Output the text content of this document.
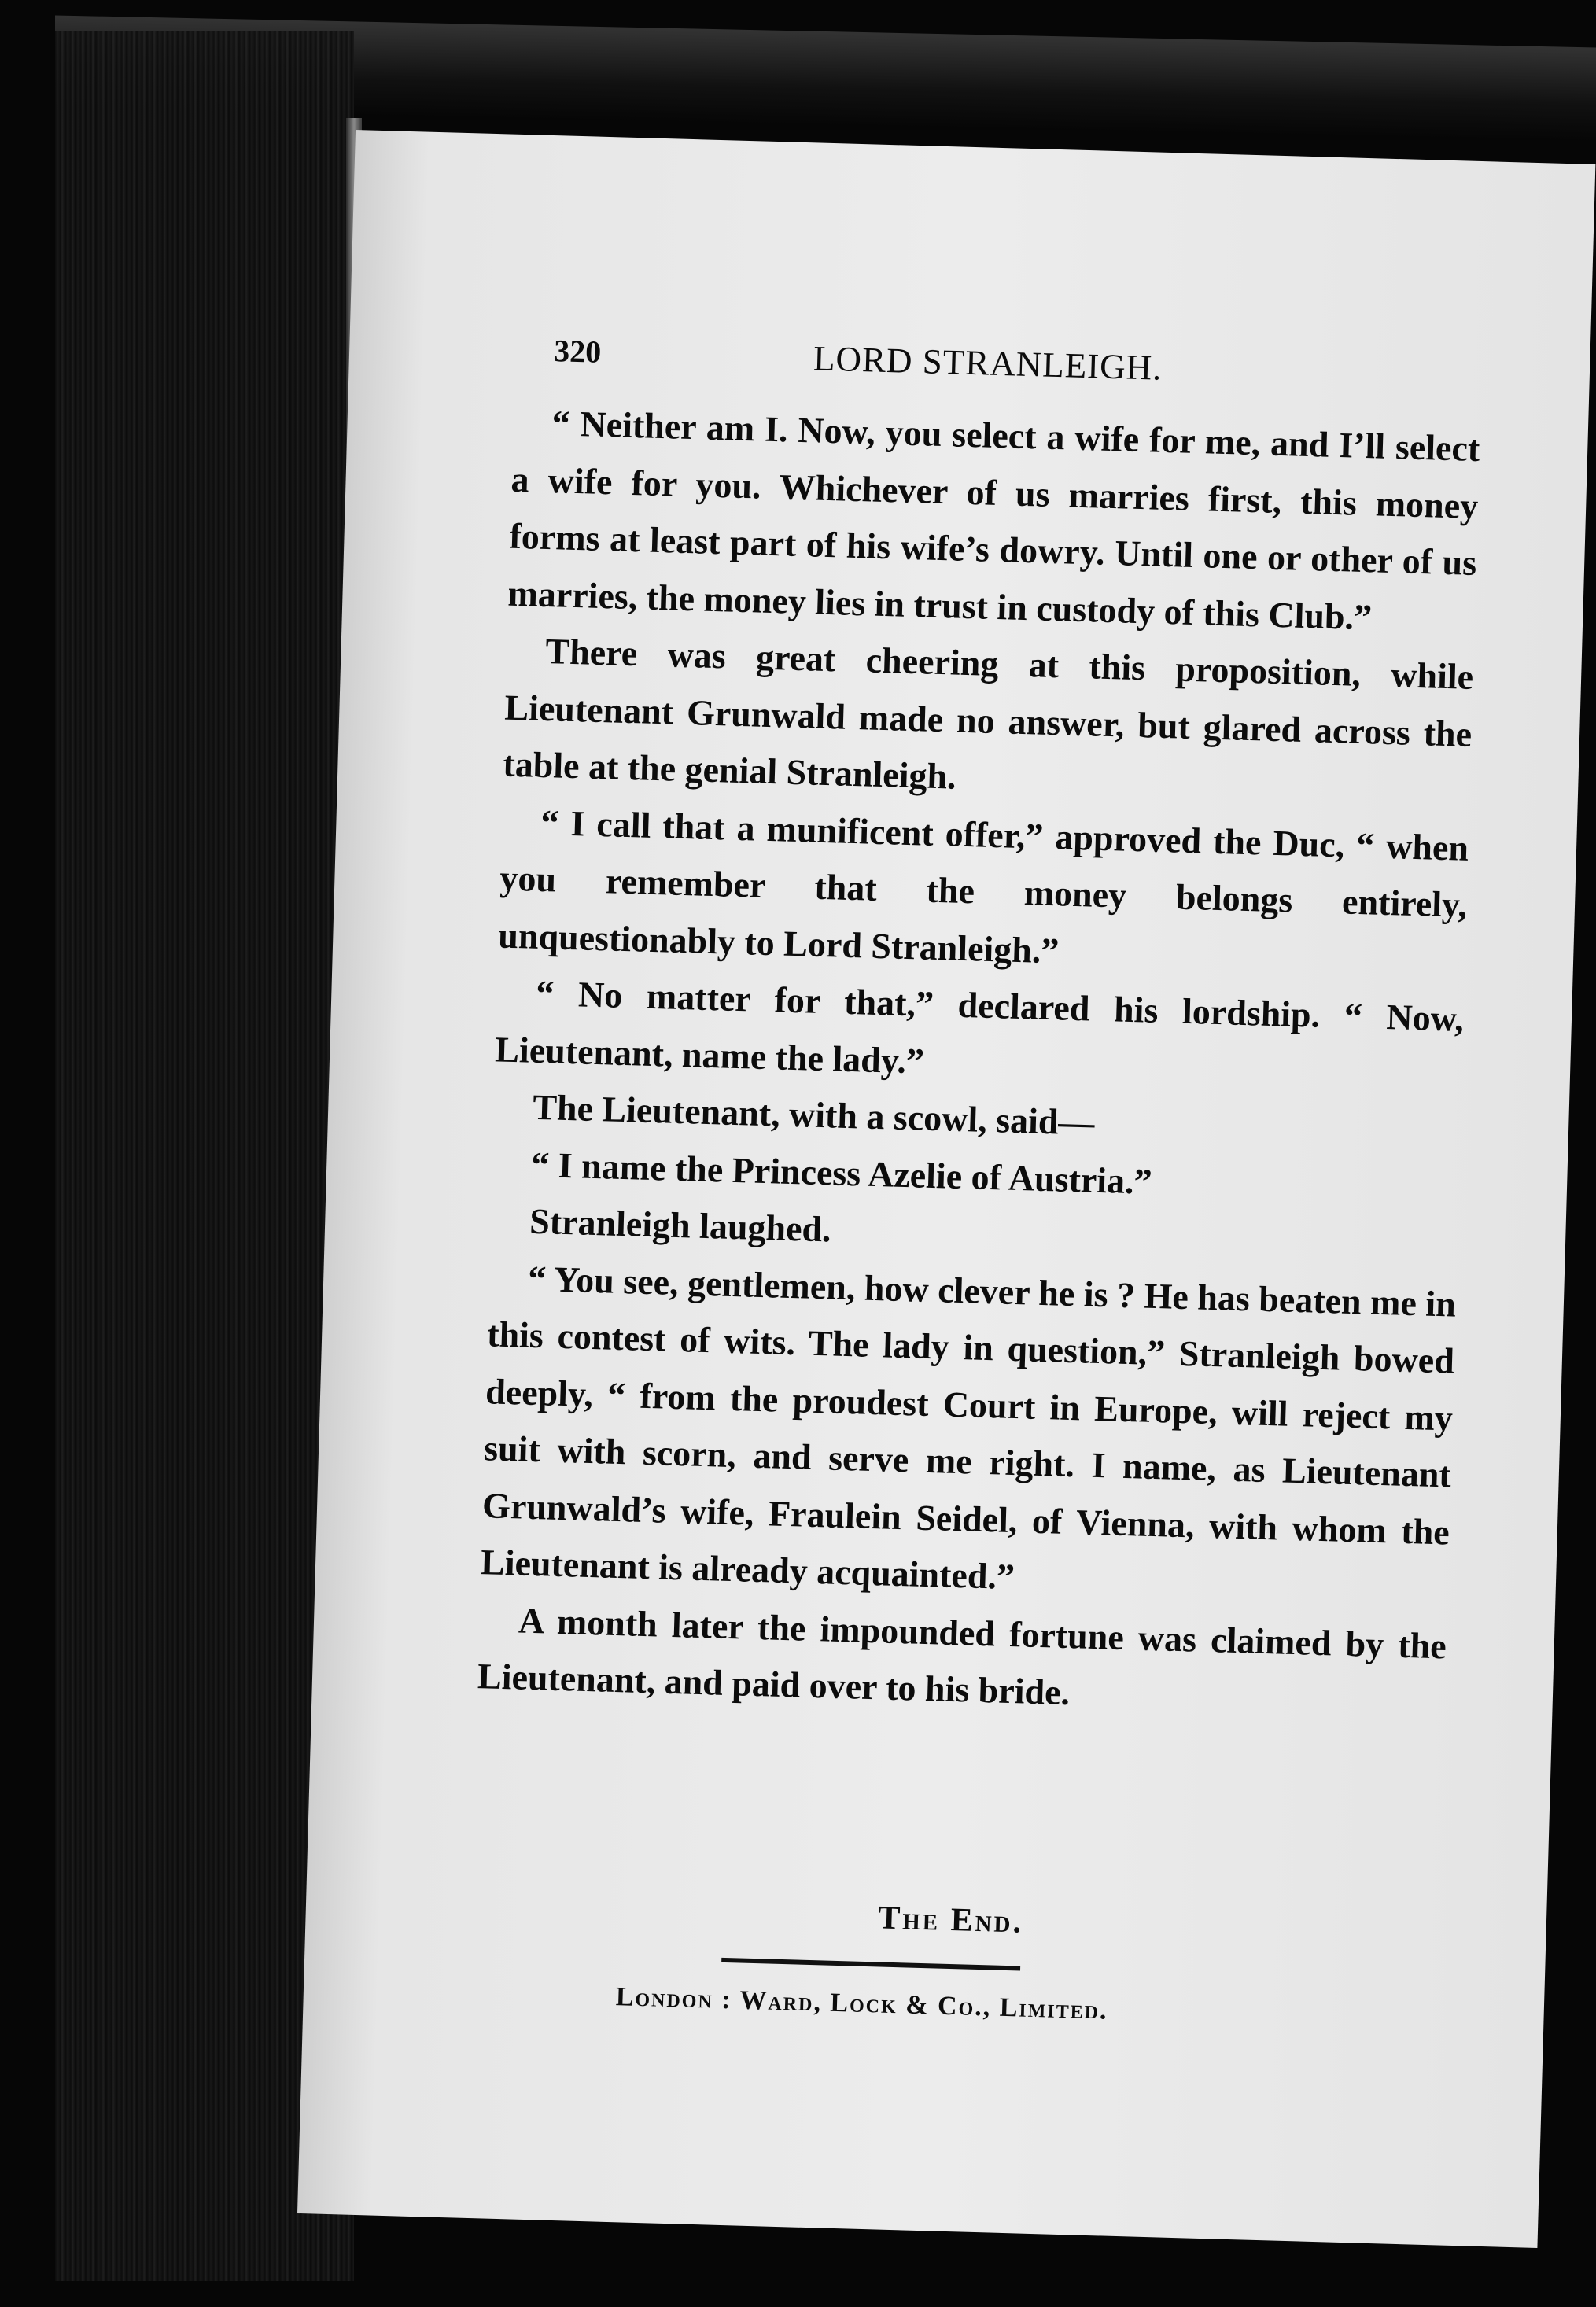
320	LORD STRANLEIGH.

“ Neither am I. Now, you select a wife for me, and I’ll select a wife for you. Whichever of us marries first, this money forms at least part of his wife’s dowry. Until one or other of us marries, the money lies in trust in custody of this Club.”

There was great cheering at this proposition, while Lieutenant Grunwald made no answer, but glared across the table at the genial Stranleigh.

“ I call that a munificent offer,” approved the Duc, “ when you remember that the money belongs entirely, unquestionably to Lord Stranleigh.”

“ No matter for that,” declared his lordship. “ Now, Lieutenant, name the lady.”

The Lieutenant, with a scowl, said—

“ I name the Princess Azelie of Austria.”

Stranleigh laughed.

“ You see, gentlemen, how clever he is ? He has beaten me in this contest of wits. The lady in question,” Stranleigh bowed deeply, “ from the proudest Court in Europe, will reject my suit with scorn, and serve me right. I name, as Lieutenant Grunwald’s wife, Fraulein Seidel, of Vienna, with whom the Lieutenant is already acquainted.”

A month later the impounded fortune was claimed by the Lieutenant, and paid over to his bride.

The End.
London : Ward, Lock & Co., Limited.
